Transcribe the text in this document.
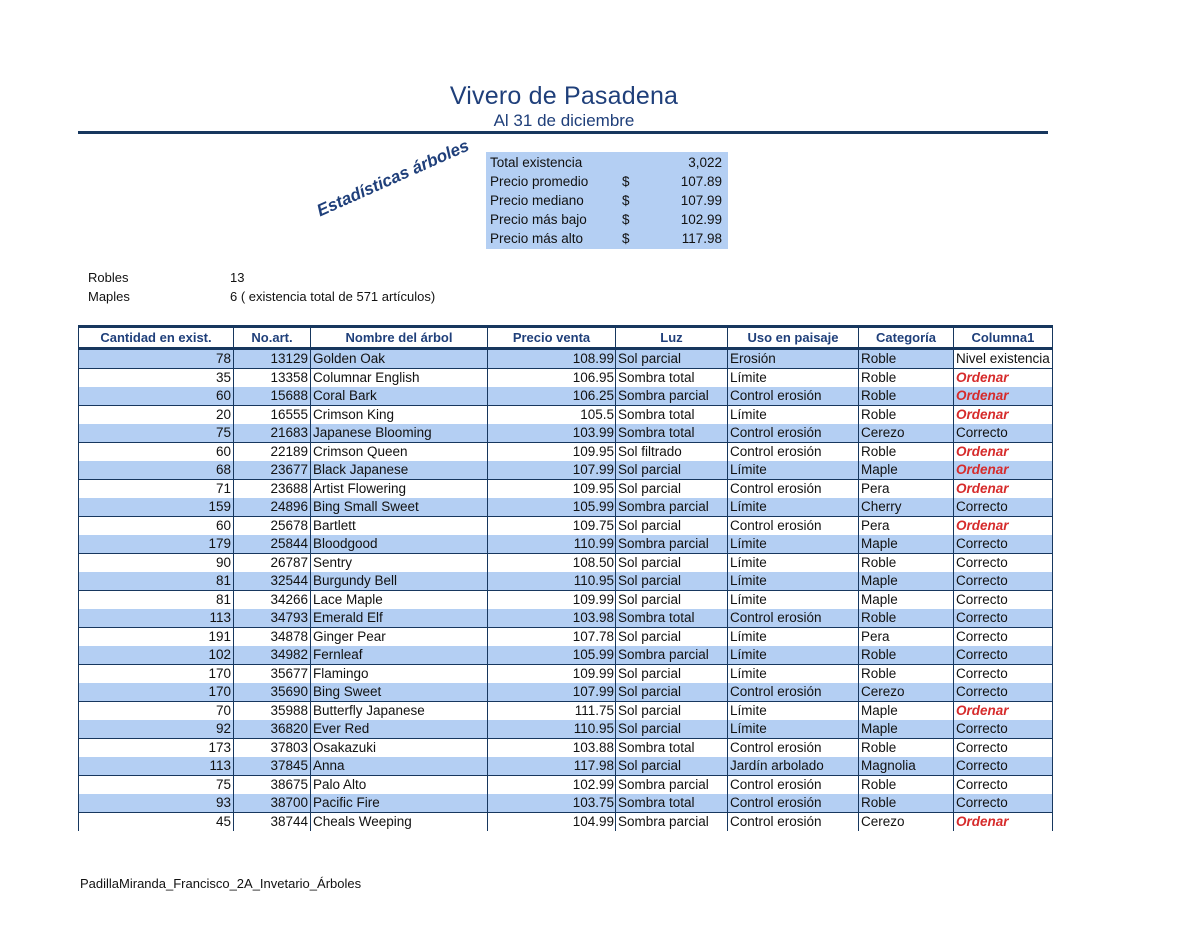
Vivero de Pasadena
Al 31 de diciembre
Estadísticas árboles Total existencia	3,022
Precio promedio $	107.89
Precio mediano	$	107.99
Precio más bajo	$	102.99
Precio más alto	$	117.98
Robles	13
Maples	6 ( existencia total de 571 artículos)
Cantidad en exist.	No.art.	Nombre del árbol	Precio venta	Luz	Uso en paisaje	Categoría	Columna1
78	13129	Golden Oak	108.99	Sol parcial	Erosión	Roble	Nivel existencia
35	13358	Columnar English	106.95	Sombra total	Límite	Roble	Ordenar
60	15688	Coral Bark	106.25	Sombra parcial	Control erosión	Roble	Ordenar
20	16555	Crimson King	105.5	Sombra total	Límite	Roble	Ordenar
75	21683	Japanese Blooming	103.99	Sombra total	Control erosión	Cerezo	Correcto
60	22189	Crimson Queen	109.95	Sol filtrado	Control erosión	Roble	Ordenar
68	23677	Black Japanese	107.99	Sol parcial	Límite	Maple	Ordenar
71	23688	Artist Flowering	109.95	Sol parcial	Control erosión	Pera	Ordenar
159	24896	Bing Small Sweet	105.99	Sombra parcial	Límite	Cherry	Correcto
60	25678	Bartlett	109.75	Sol parcial	Control erosión	Pera	Ordenar
179	25844	Bloodgood	110.99	Sombra parcial	Límite	Maple	Correcto
90	26787	Sentry	108.50	Sol parcial	Límite	Roble	Correcto
81	32544	Burgundy Bell	110.95	Sol parcial	Límite	Maple	Correcto
81	34266	Lace Maple	109.99	Sol parcial	Límite	Maple	Correcto
113	34793	Emerald Elf	103.98	Sombra total	Control erosión	Roble	Correcto
191	34878	Ginger Pear	107.78	Sol parcial	Límite	Pera	Correcto
102	34982	Fernleaf	105.99	Sombra parcial	Límite	Roble	Correcto
170	35677	Flamingo	109.99	Sol parcial	Límite	Roble	Correcto
170	35690	Bing Sweet	107.99	Sol parcial	Control erosión	Cerezo	Correcto
70	35988	Butterfly Japanese	111.75	Sol parcial	Límite	Maple	Ordenar
92	36820	Ever Red	110.95	Sol parcial	Límite	Maple	Correcto
173	37803	Osakazuki	103.88	Sombra total	Control erosión	Roble	Correcto
113	37845	Anna	117.98	Sol parcial	Jardín arbolado	Magnolia	Correcto
75	38675	Palo Alto	102.99	Sombra parcial	Control erosión	Roble	Correcto
93	38700	Pacific Fire	103.75	Sombra total	Control erosión	Roble	Correcto
45	38744	Cheals Weeping	104.99	Sombra parcial	Control erosión	Cerezo	Ordenar
PadillaMiranda_Francisco_2A_Invetario_Árboles
